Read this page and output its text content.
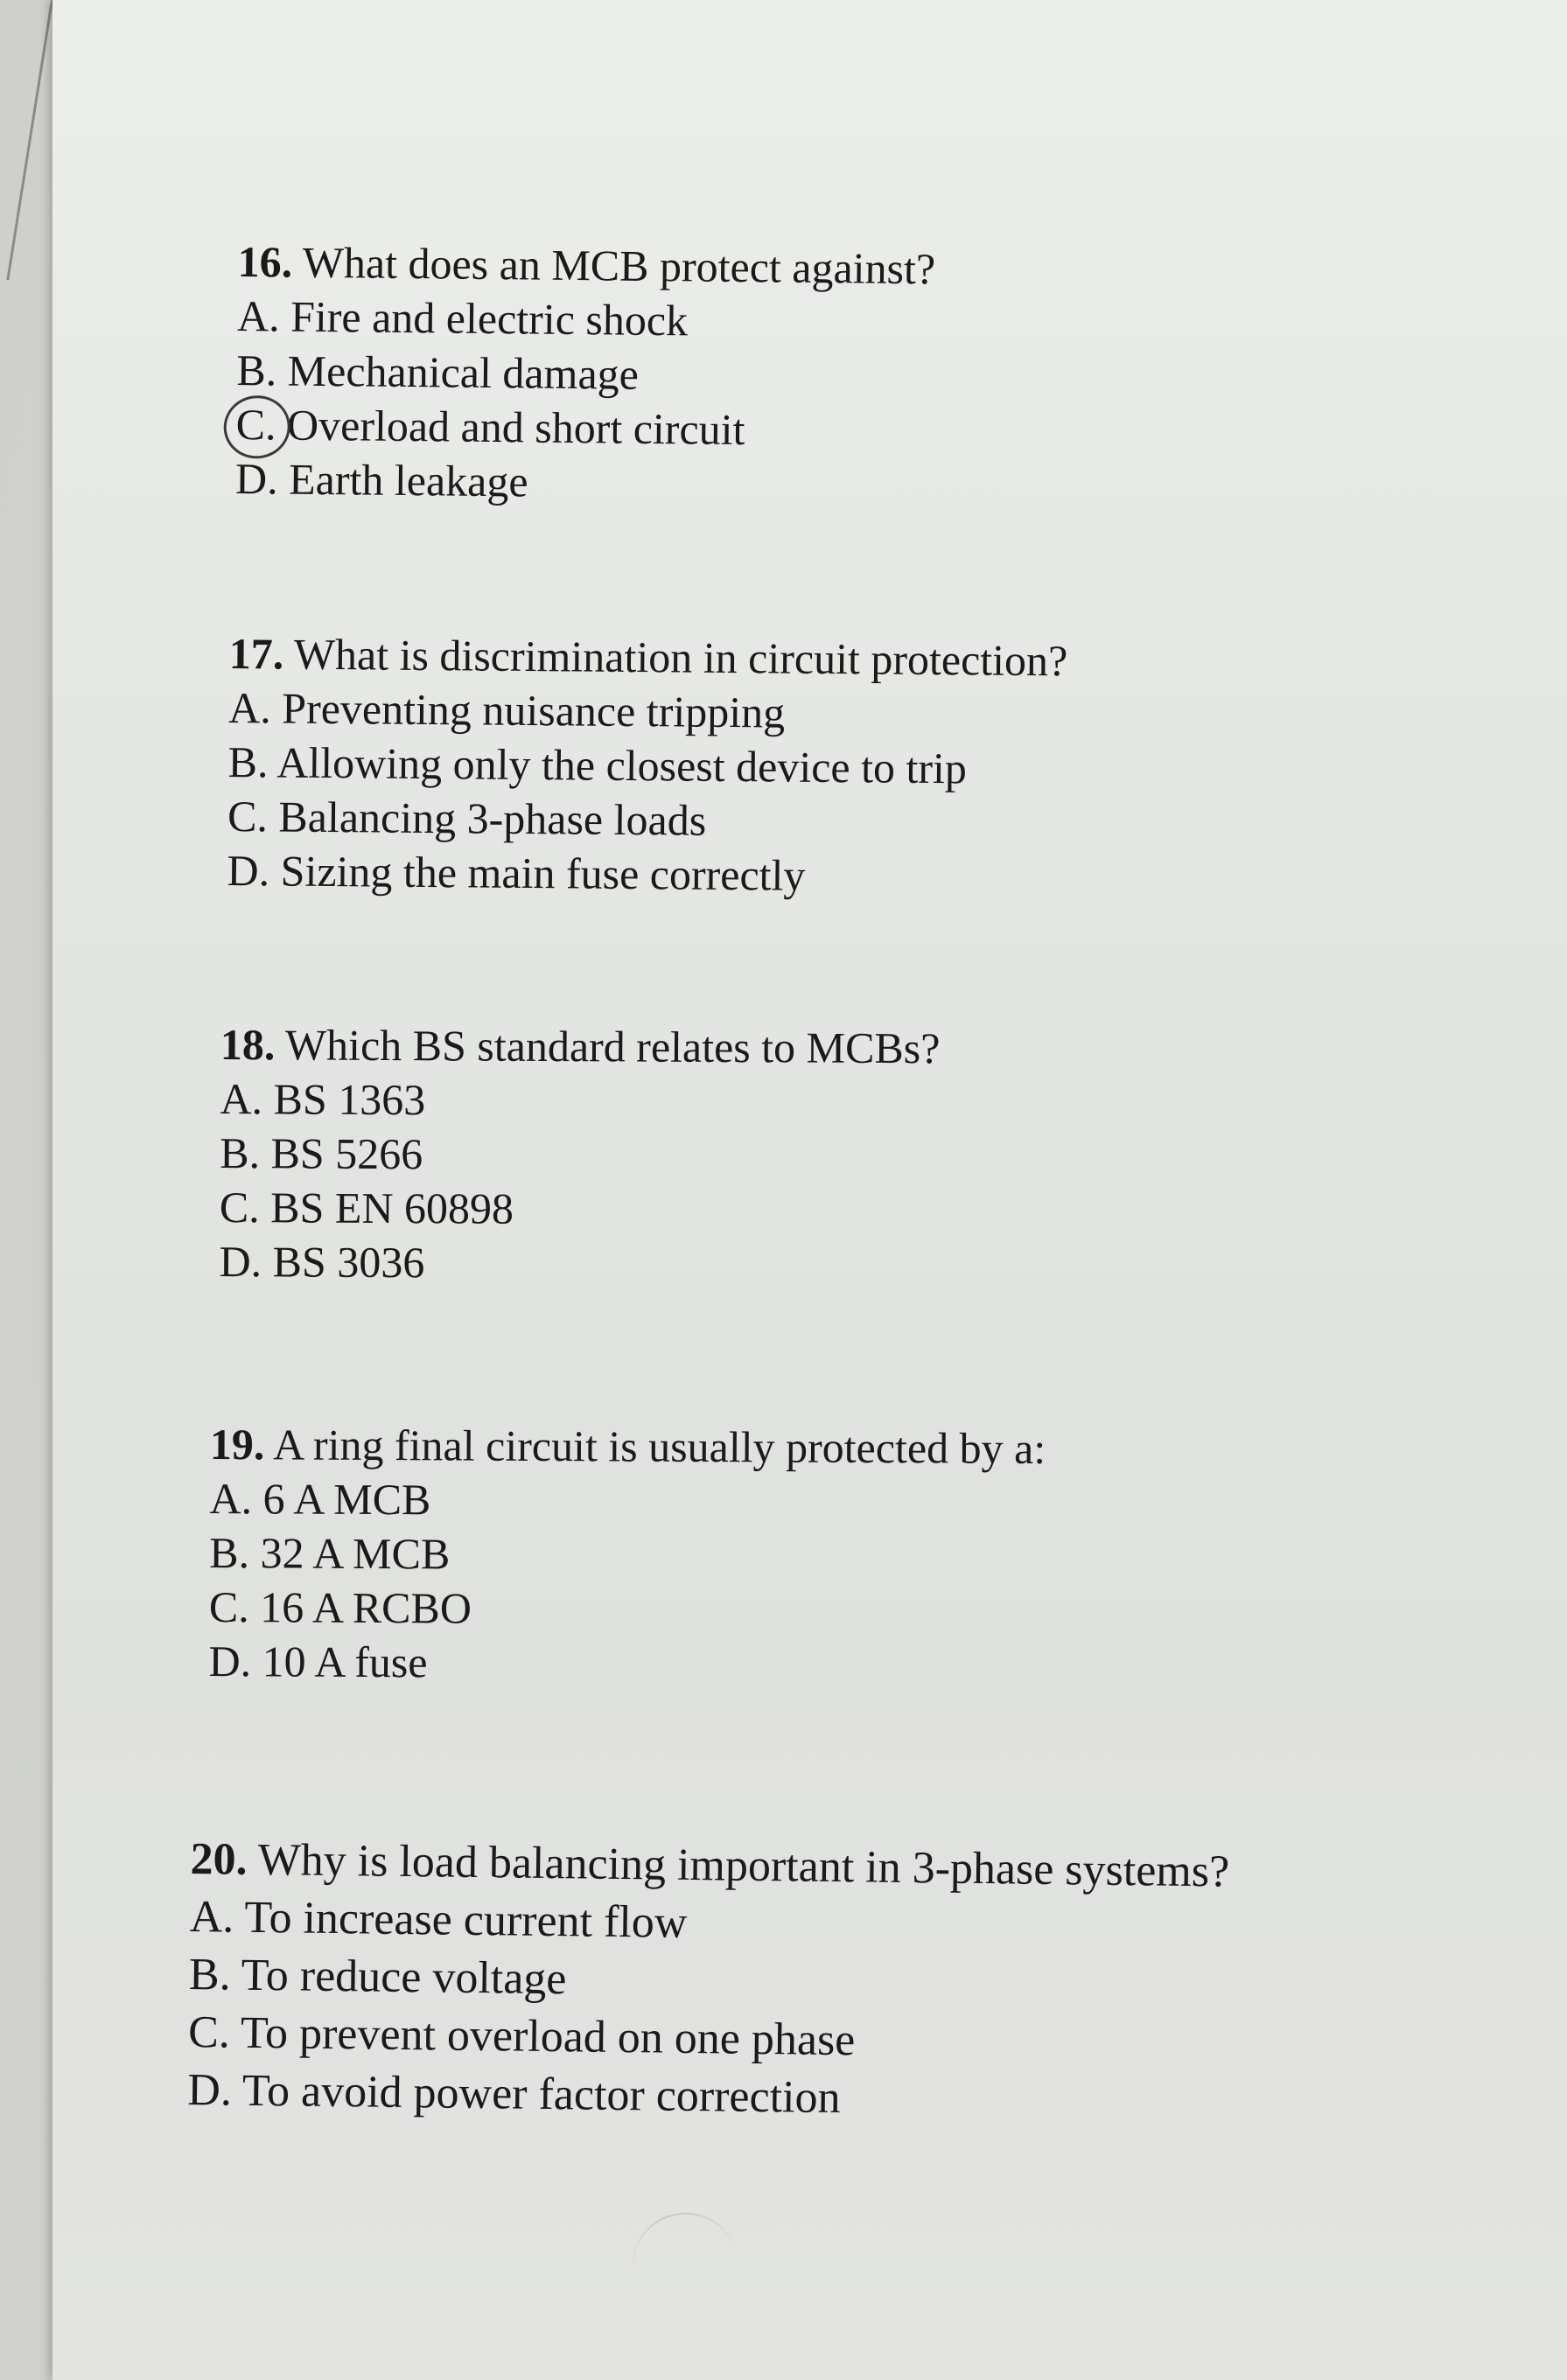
16. What does an MCB protect against?
A. Fire and electric shock
B. Mechanical damage
C. Overload and short circuit
D. Earth leakage
17. What is discrimination in circuit protection?
A. Preventing nuisance tripping
B. Allowing only the closest device to trip
C. Balancing 3-phase loads
D. Sizing the main fuse correctly
18. Which BS standard relates to MCBs?
A. BS 1363
B. BS 5266
C. BS EN 60898
D. BS 3036
19. A ring final circuit is usually protected by a:
A. 6 A MCB
B. 32 A MCB
C. 16 A RCBO
D. 10 A fuse
20. Why is load balancing important in 3-phase systems?
A. To increase current flow
B. To reduce voltage
C. To prevent overload on one phase
D. To avoid power factor correction
